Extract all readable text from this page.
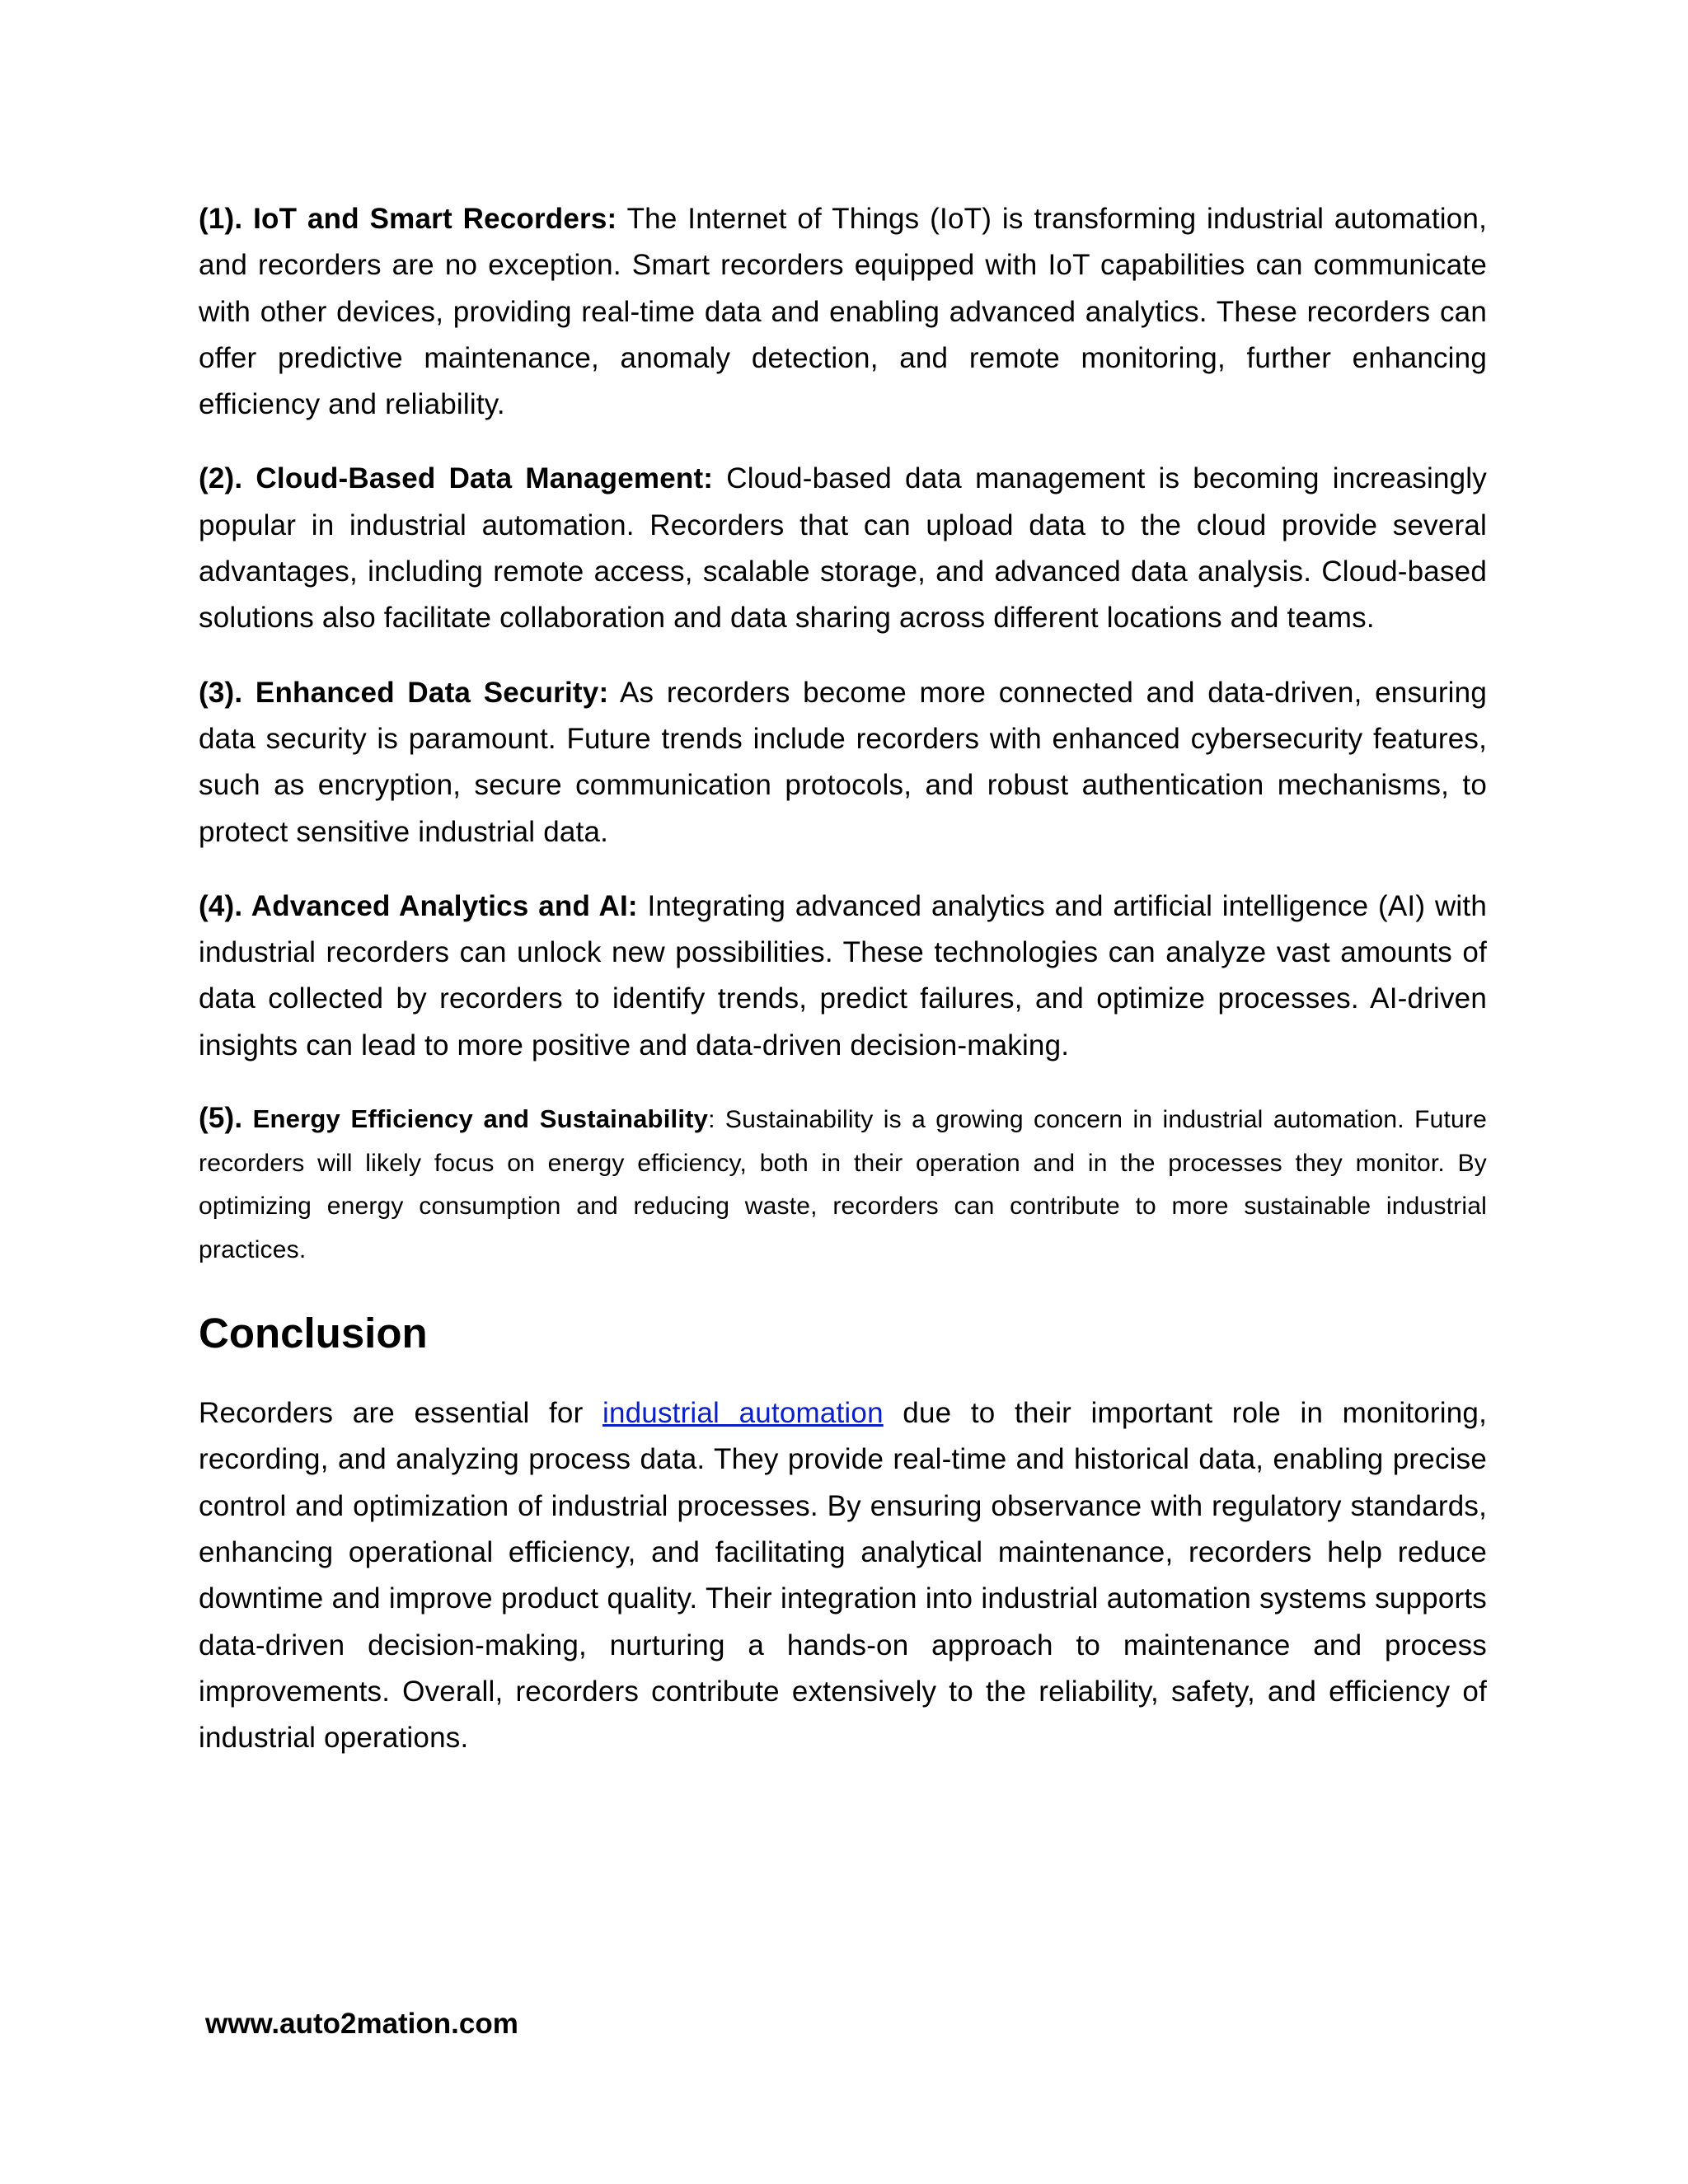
(1). IoT and Smart Recorders: The Internet of Things (IoT) is transforming industrial automation, and recorders are no exception. Smart recorders equipped with IoT capabilities can communicate with other devices, providing real-time data and enabling advanced analytics. These recorders can offer predictive maintenance, anomaly detection, and remote monitoring, further enhancing efficiency and reliability.

(2). Cloud-Based Data Management: Cloud-based data management is becoming increasingly popular in industrial automation. Recorders that can upload data to the cloud provide several advantages, including remote access, scalable storage, and advanced data analysis. Cloud-based solutions also facilitate collaboration and data sharing across different locations and teams.

(3). Enhanced Data Security: As recorders become more connected and data-driven, ensuring data security is paramount. Future trends include recorders with enhanced cybersecurity features, such as encryption, secure communication protocols, and robust authentication mechanisms, to protect sensitive industrial data.

(4). Advanced Analytics and AI: Integrating advanced analytics and artificial intelligence (AI) with industrial recorders can unlock new possibilities. These technologies can analyze vast amounts of data collected by recorders to identify trends, predict failures, and optimize processes. AI-driven insights can lead to more positive and data-driven decision-making.

(5). Energy Efficiency and Sustainability: Sustainability is a growing concern in industrial automation. Future recorders will likely focus on energy efficiency, both in their operation and in the processes they monitor. By optimizing energy consumption and reducing waste, recorders can contribute to more sustainable industrial practices.

Conclusion

Recorders are essential for industrial automation due to their important role in monitoring, recording, and analyzing process data. They provide real-time and historical data, enabling precise control and optimization of industrial processes. By ensuring observance with regulatory standards, enhancing operational efficiency, and facilitating analytical maintenance, recorders help reduce downtime and improve product quality. Their integration into industrial automation systems supports data-driven decision-making, nurturing a hands-on approach to maintenance and process improvements. Overall, recorders contribute extensively to the reliability, safety, and efficiency of industrial operations.

www.auto2mation.com
